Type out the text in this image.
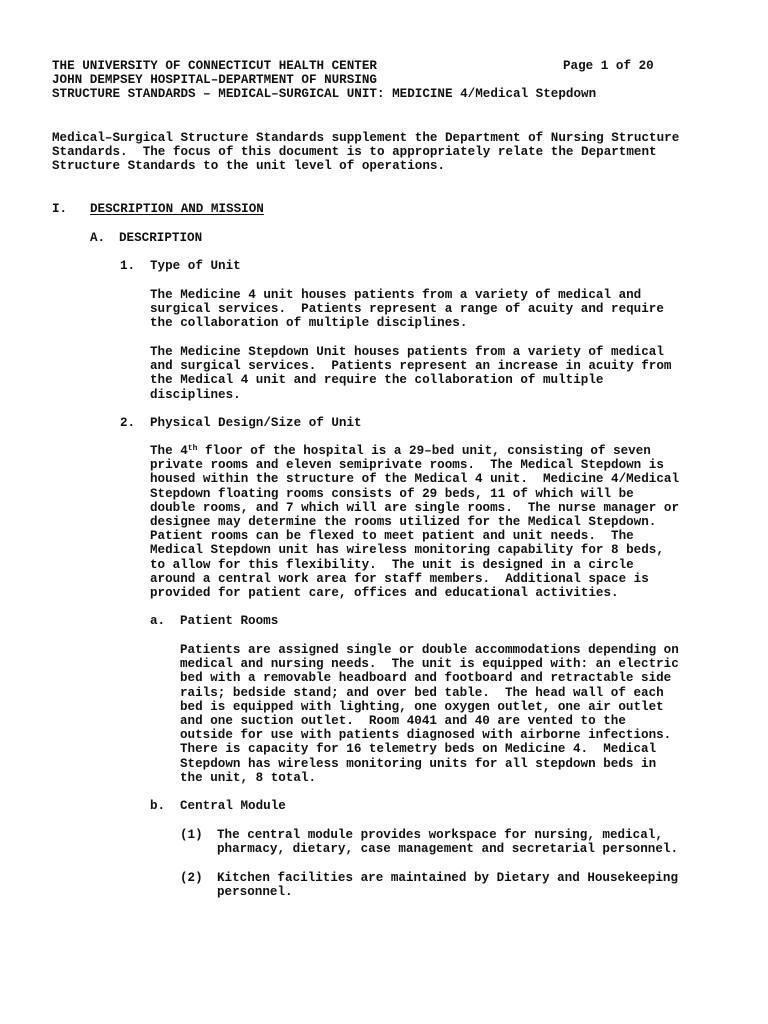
THE UNIVERSITY OF CONNECTICUT HEALTH CENTER
JOHN DEMPSEY HOSPITAL–DEPARTMENT OF NURSING
STRUCTURE STANDARDS – MEDICAL–SURGICAL UNIT: MEDICINE 4/Medical Stepdown
Page 1 of 20
Medical–Surgical Structure Standards supplement the Department of Nursing Structure
Standards.  The focus of this document is to appropriately relate the Department
Structure Standards to the unit level of operations.
I. DESCRIPTION AND MISSION
A. DESCRIPTION
1. Type of Unit
The Medicine 4 unit houses patients from a variety of medical and
surgical services.  Patients represent a range of acuity and require
the collaboration of multiple disciplines.
The Medicine Stepdown Unit houses patients from a variety of medical
and surgical services.  Patients represent an increase in acuity from
the Medical 4 unit and require the collaboration of multiple
disciplines.
2. Physical Design/Size of Unit
The 4th floor of the hospital is a 29–bed unit, consisting of seven
private rooms and eleven semiprivate rooms.  The Medical Stepdown is
housed within the structure of the Medical 4 unit.  Medicine 4/Medical
Stepdown floating rooms consists of 29 beds, 11 of which will be
double rooms, and 7 which will are single rooms.  The nurse manager or
designee may determine the rooms utilized for the Medical Stepdown.
Patient rooms can be flexed to meet patient and unit needs.  The
Medical Stepdown unit has wireless monitoring capability for 8 beds,
to allow for this flexibility.  The unit is designed in a circle
around a central work area for staff members.  Additional space is
provided for patient care, offices and educational activities.
a. Patient Rooms
Patients are assigned single or double accommodations depending on
medical and nursing needs.  The unit is equipped with: an electric
bed with a removable headboard and footboard and retractable side
rails; bedside stand; and over bed table.  The head wall of each
bed is equipped with lighting, one oxygen outlet, one air outlet
and one suction outlet.  Room 4041 and 40 are vented to the
outside for use with patients diagnosed with airborne infections.
There is capacity for 16 telemetry beds on Medicine 4.  Medical
Stepdown has wireless monitoring units for all stepdown beds in
the unit, 8 total.
b. Central Module
(1) The central module provides workspace for nursing, medical,
pharmacy, dietary, case management and secretarial personnel.
(2) Kitchen facilities are maintained by Dietary and Housekeeping
personnel.
